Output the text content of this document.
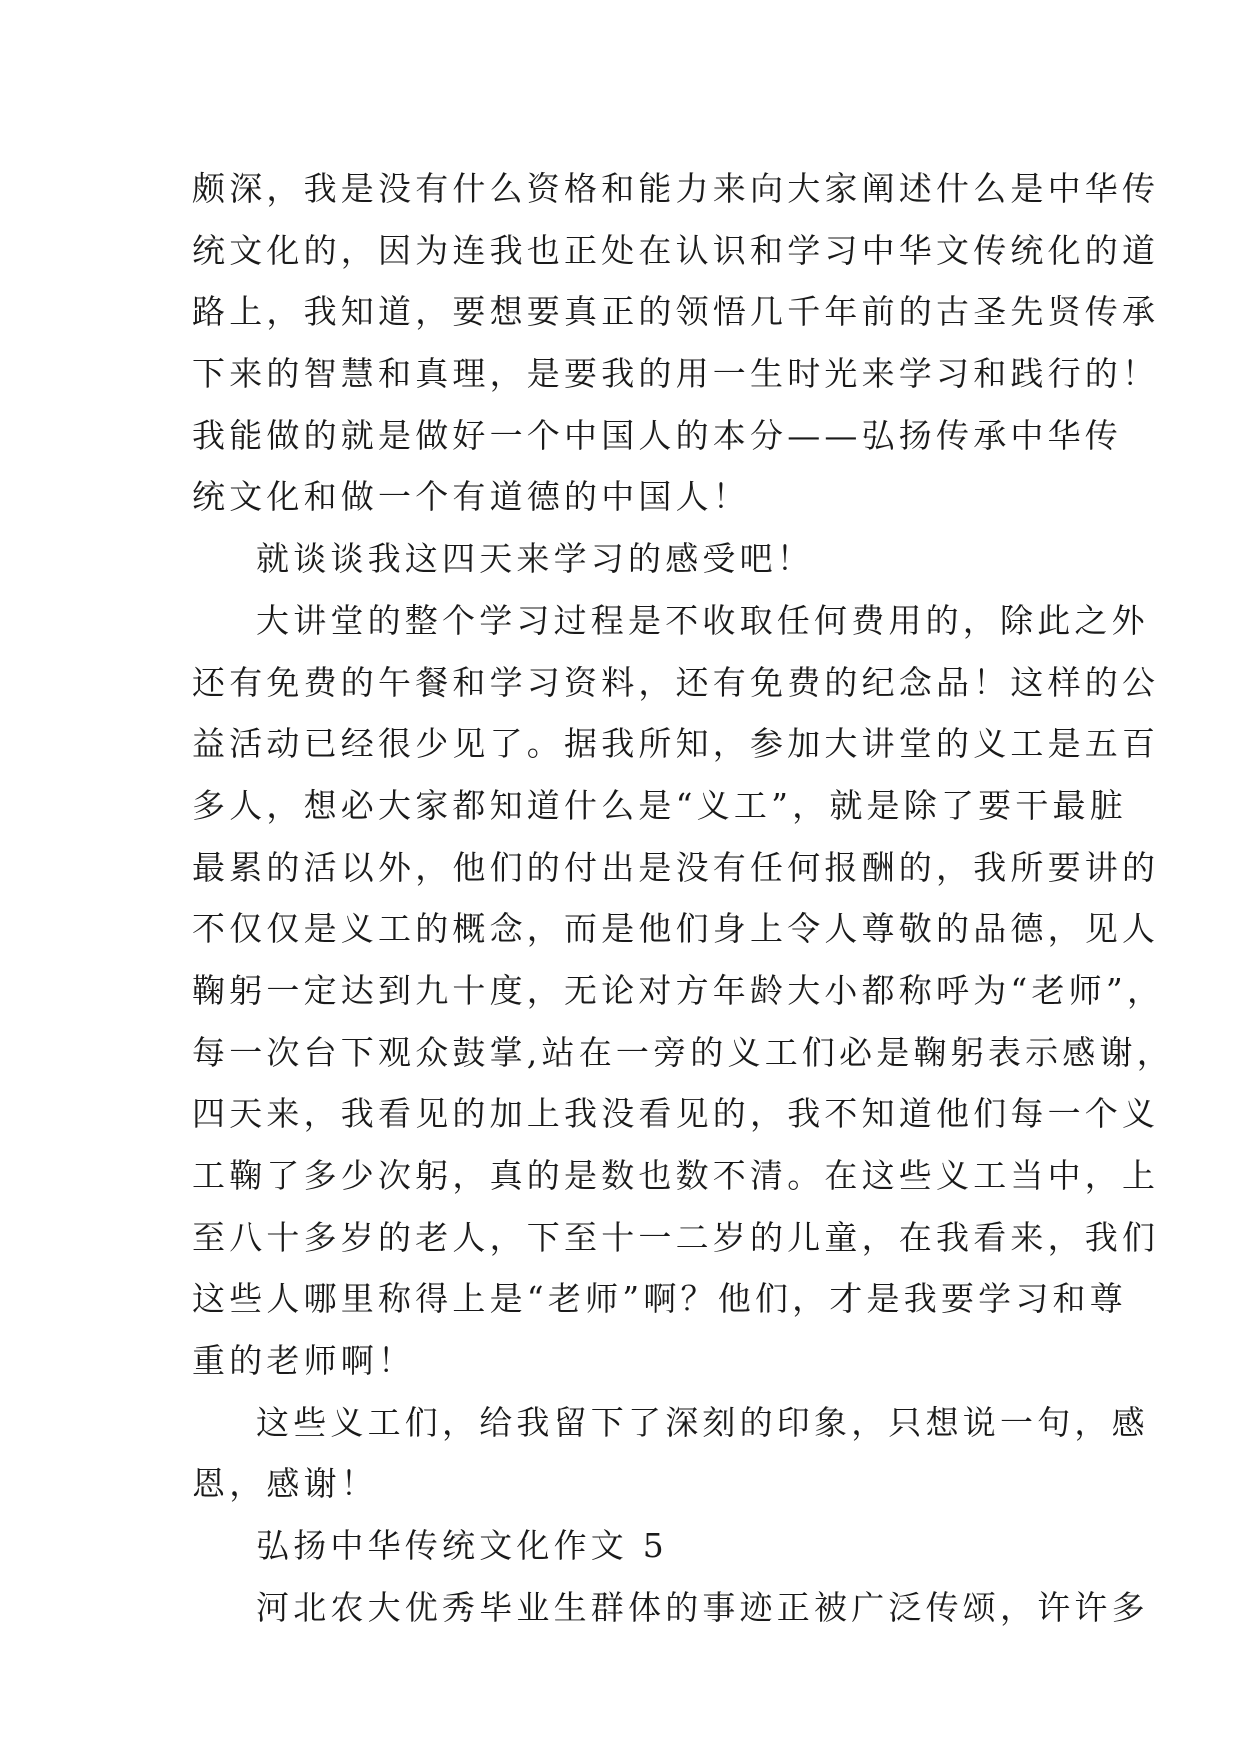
颇深，我是没有什么资格和能力来向大家阐述什么是中华传
统文化的，因为连我也正处在认识和学习中华文传统化的道
路上，我知道，要想要真正的领悟几千年前的古圣先贤传承
下来的智慧和真理，是要我的用一生时光来学习和践行的！
我能做的就是做好一个中国人的本分——弘扬传承中华传
统文化和做一个有道德的中国人！
就谈谈我这四天来学习的感受吧！
大讲堂的整个学习过程是不收取任何费用的，除此之外
还有免费的午餐和学习资料，还有免费的纪念品！这样的公
益活动已经很少见了。据我所知，参加大讲堂的义工是五百
多人，想必大家都知道什么是“义工”，就是除了要干最脏
最累的活以外，他们的付出是没有任何报酬的，我所要讲的
不仅仅是义工的概念，而是他们身上令人尊敬的品德，见人
鞠躬一定达到九十度，无论对方年龄大小都称呼为“老师”，
每一次台下观众鼓掌,站在一旁的义工们必是鞠躬表示感谢，
四天来，我看见的加上我没看见的，我不知道他们每一个义
工鞠了多少次躬，真的是数也数不清。在这些义工当中，上
至八十多岁的老人，下至十一二岁的儿童，在我看来，我们
这些人哪里称得上是“老师”啊？他们，才是我要学习和尊
重的老师啊！
这些义工们，给我留下了深刻的印象，只想说一句，感
恩，感谢！
弘扬中华传统文化作文 5
河北农大优秀毕业生群体的事迹正被广泛传颂，许许多
